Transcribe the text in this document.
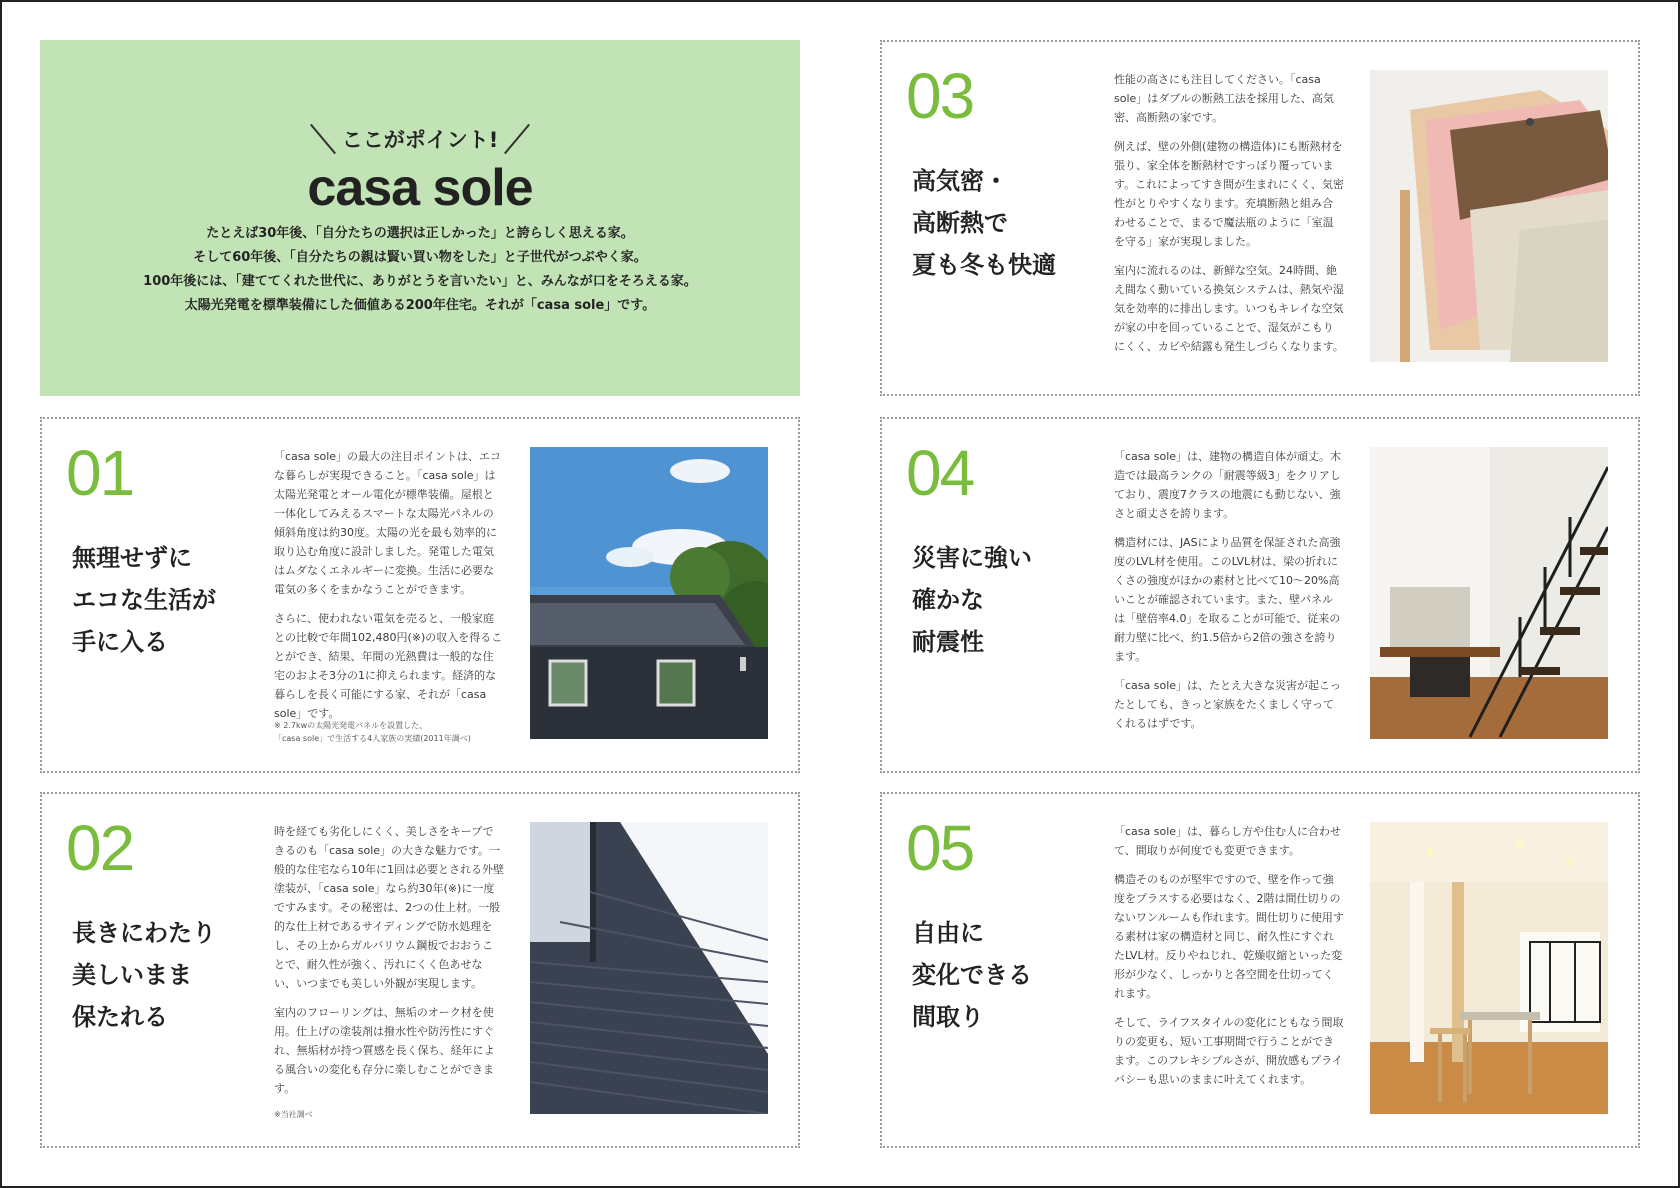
ここがポイント!
casa sole
たとえば30年後、「自分たちの選択は正しかった」と誇らしく思える家。
そして60年後、「自分たちの親は賢い買い物をした」と子世代がつぶやく家。
100年後には、「建ててくれた世代に、ありがとうを言いたい」と、みんなが口をそろえる家。
太陽光発電を標準装備にした価値ある200年住宅。それが「casa sole」です。
01
無理せずに
エコな生活が
手に入る

「casa sole」の最大の注目ポイントは、エコな暮らしが実現できること。「casa sole」は太陽光発電とオール電化が標準装備。屋根と一体化してみえるスマートな太陽光パネルの傾斜角度は約30度。太陽の光を最も効率的に取り込む角度に設計しました。発電した電気はムダなくエネルギーに変換。生活に必要な電気の多くをまかなうことができます。

さらに、使われない電気を売ると、一般家庭との比較で年間102,480円(※)の収入を得ることができ、結果、年間の光熱費は一般的な住宅のおよそ3分の1に抑えられます。経済的な暮らしを長く可能にする家、それが「casa sole」です。

※ 2.7kwの太陽光発電パネルを設置した、
「casa sole」で生活する4人家族の実績(2011年調べ)
02
長きにわたり
美しいまま
保たれる

時を経ても劣化しにくく、美しさをキープできるのも「casa sole」の大きな魅力です。一般的な住宅なら10年に1回は必要とされる外壁塗装が、「casa sole」なら約30年(※)に一度ですみます。その秘密は、2つの仕上材。一般的な仕上材であるサイディングで防水処理をし、その上からガルバリウム鋼板でおおうことで、耐久性が強く、汚れにくく色あせない、いつまでも美しい外観が実現します。

室内のフローリングは、無垢のオーク材を使用。仕上げの塗装剤は撥水性や防汚性にすぐれ、無垢材が持つ質感を長く保ち、経年による風合いの変化も存分に楽しむことができます。

※当社調べ
03
高気密・
高断熱で
夏も冬も快適

性能の高さにも注目してください。「casa sole」はダブルの断熱工法を採用した、高気密、高断熱の家です。

例えば、壁の外側(建物の構造体)にも断熱材を張り、家全体を断熱材ですっぽり覆っています。これによってすき間が生まれにくく、気密性がとりやすくなります。充填断熱と組み合わせることで、まるで魔法瓶のように「室温を守る」家が実現しました。

室内に流れるのは、新鮮な空気。24時間、絶え間なく動いている換気システムは、熱気や湿気を効率的に排出します。いつもキレイな空気が家の中を回っていることで、湿気がこもりにくく、カビや結露も発生しづらくなります。

04
災害に強い
確かな
耐震性

「casa sole」は、建物の構造自体が頑丈。木造では最高ランクの「耐震等級3」をクリアしており、震度7クラスの地震にも動じない、強さと頑丈さを誇ります。

構造材には、JASにより品質を保証された高強度のLVL材を使用。このLVL材は、梁の折れにくさの強度がほかの素材と比べて10〜20%高いことが確認されています。また、壁パネルは「壁倍率4.0」を取ることが可能で、従来の耐力壁に比べ、約1.5倍から2倍の強さを誇ります。

「casa sole」は、たとえ大きな災害が起こったとしても、きっと家族をたくましく守ってくれるはずです。

05
自由に
変化できる
間取り

「casa sole」は、暮らし方や住む人に合わせて、間取りが何度でも変更できます。

構造そのものが堅牢ですので、壁を作って強度をプラスする必要はなく、2階は間仕切りのないワンルームも作れます。間仕切りに使用する素材は家の構造材と同じ、耐久性にすぐれたLVL材。反りやねじれ、乾燥収縮といった変形が少なく、しっかりと各空間を仕切ってくれます。

そして、ライフスタイルの変化にともなう間取りの変更も、短い工事期間で行うことができます。このフレキシブルさが、開放感もプライバシーも思いのままに叶えてくれます。
